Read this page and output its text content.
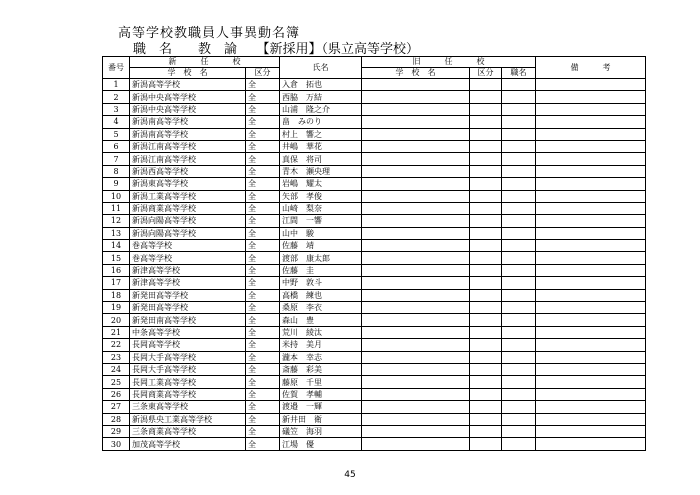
高等学校教職員人事異動名簿
職　名　　教　論　　【新採用】（県立高等学校）
番号	新　　　任　　　校		氏名	旧　　　任　　　校			備　　　考
	学　校　名	区分		学　校　名	区分	職名	
1	新潟高等学校	全	入倉　拓也				
2	新潟中央高等学校	全	西脇　万結				
3	新潟中央高等学校	全	山浦　隆之介				
4	新潟南高等学校	全	畠　みのり				
5	新潟南高等学校	全	村上　響之				
6	新潟江南高等学校	全	井嶋　華花				
7	新潟江南高等学校	全	真保　将司				
8	新潟西高等学校	全	青木　瀬央理				
9	新潟東高等学校	全	岩嶋　耀太				
10	新潟工業高等学校	全	矢部　孝俊				
11	新潟商業高等学校	全	山崎　梨奈				
12	新潟向陽高等学校	全	江間　一響				
13	新潟向陽高等学校	全	山中　駿				
14	巻高等学校	全	佐藤　靖				
15	巻高等学校	全	渡部　康太郎				
16	新津高等学校	全	佐藤　圭				
17	新津高等学校	全	中野　敦斗				
18	新発田高等学校	全	高橋　練也				
19	新発田高等学校	全	桑原　李衣				
20	新発田南高等学校	全	森山　豊				
21	中条高等学校	全	荒川　綾汰				
22	長岡高等学校	全	米持　美月				
23	長岡大手高等学校	全	瀧本　幸志				
24	長岡大手高等学校	全	斎藤　彩美				
25	長岡工業高等学校	全	藤原　千里				
26	長岡商業高等学校	全	佐賀　孝輔				
27	三条東高等学校	全	渡邉　一輝				
28	新潟県央工業高等学校	全	新井田　衛				
29	三条商業高等学校	全	礒笠　海羽				
30	加茂高等学校	全	江場　優				
45
